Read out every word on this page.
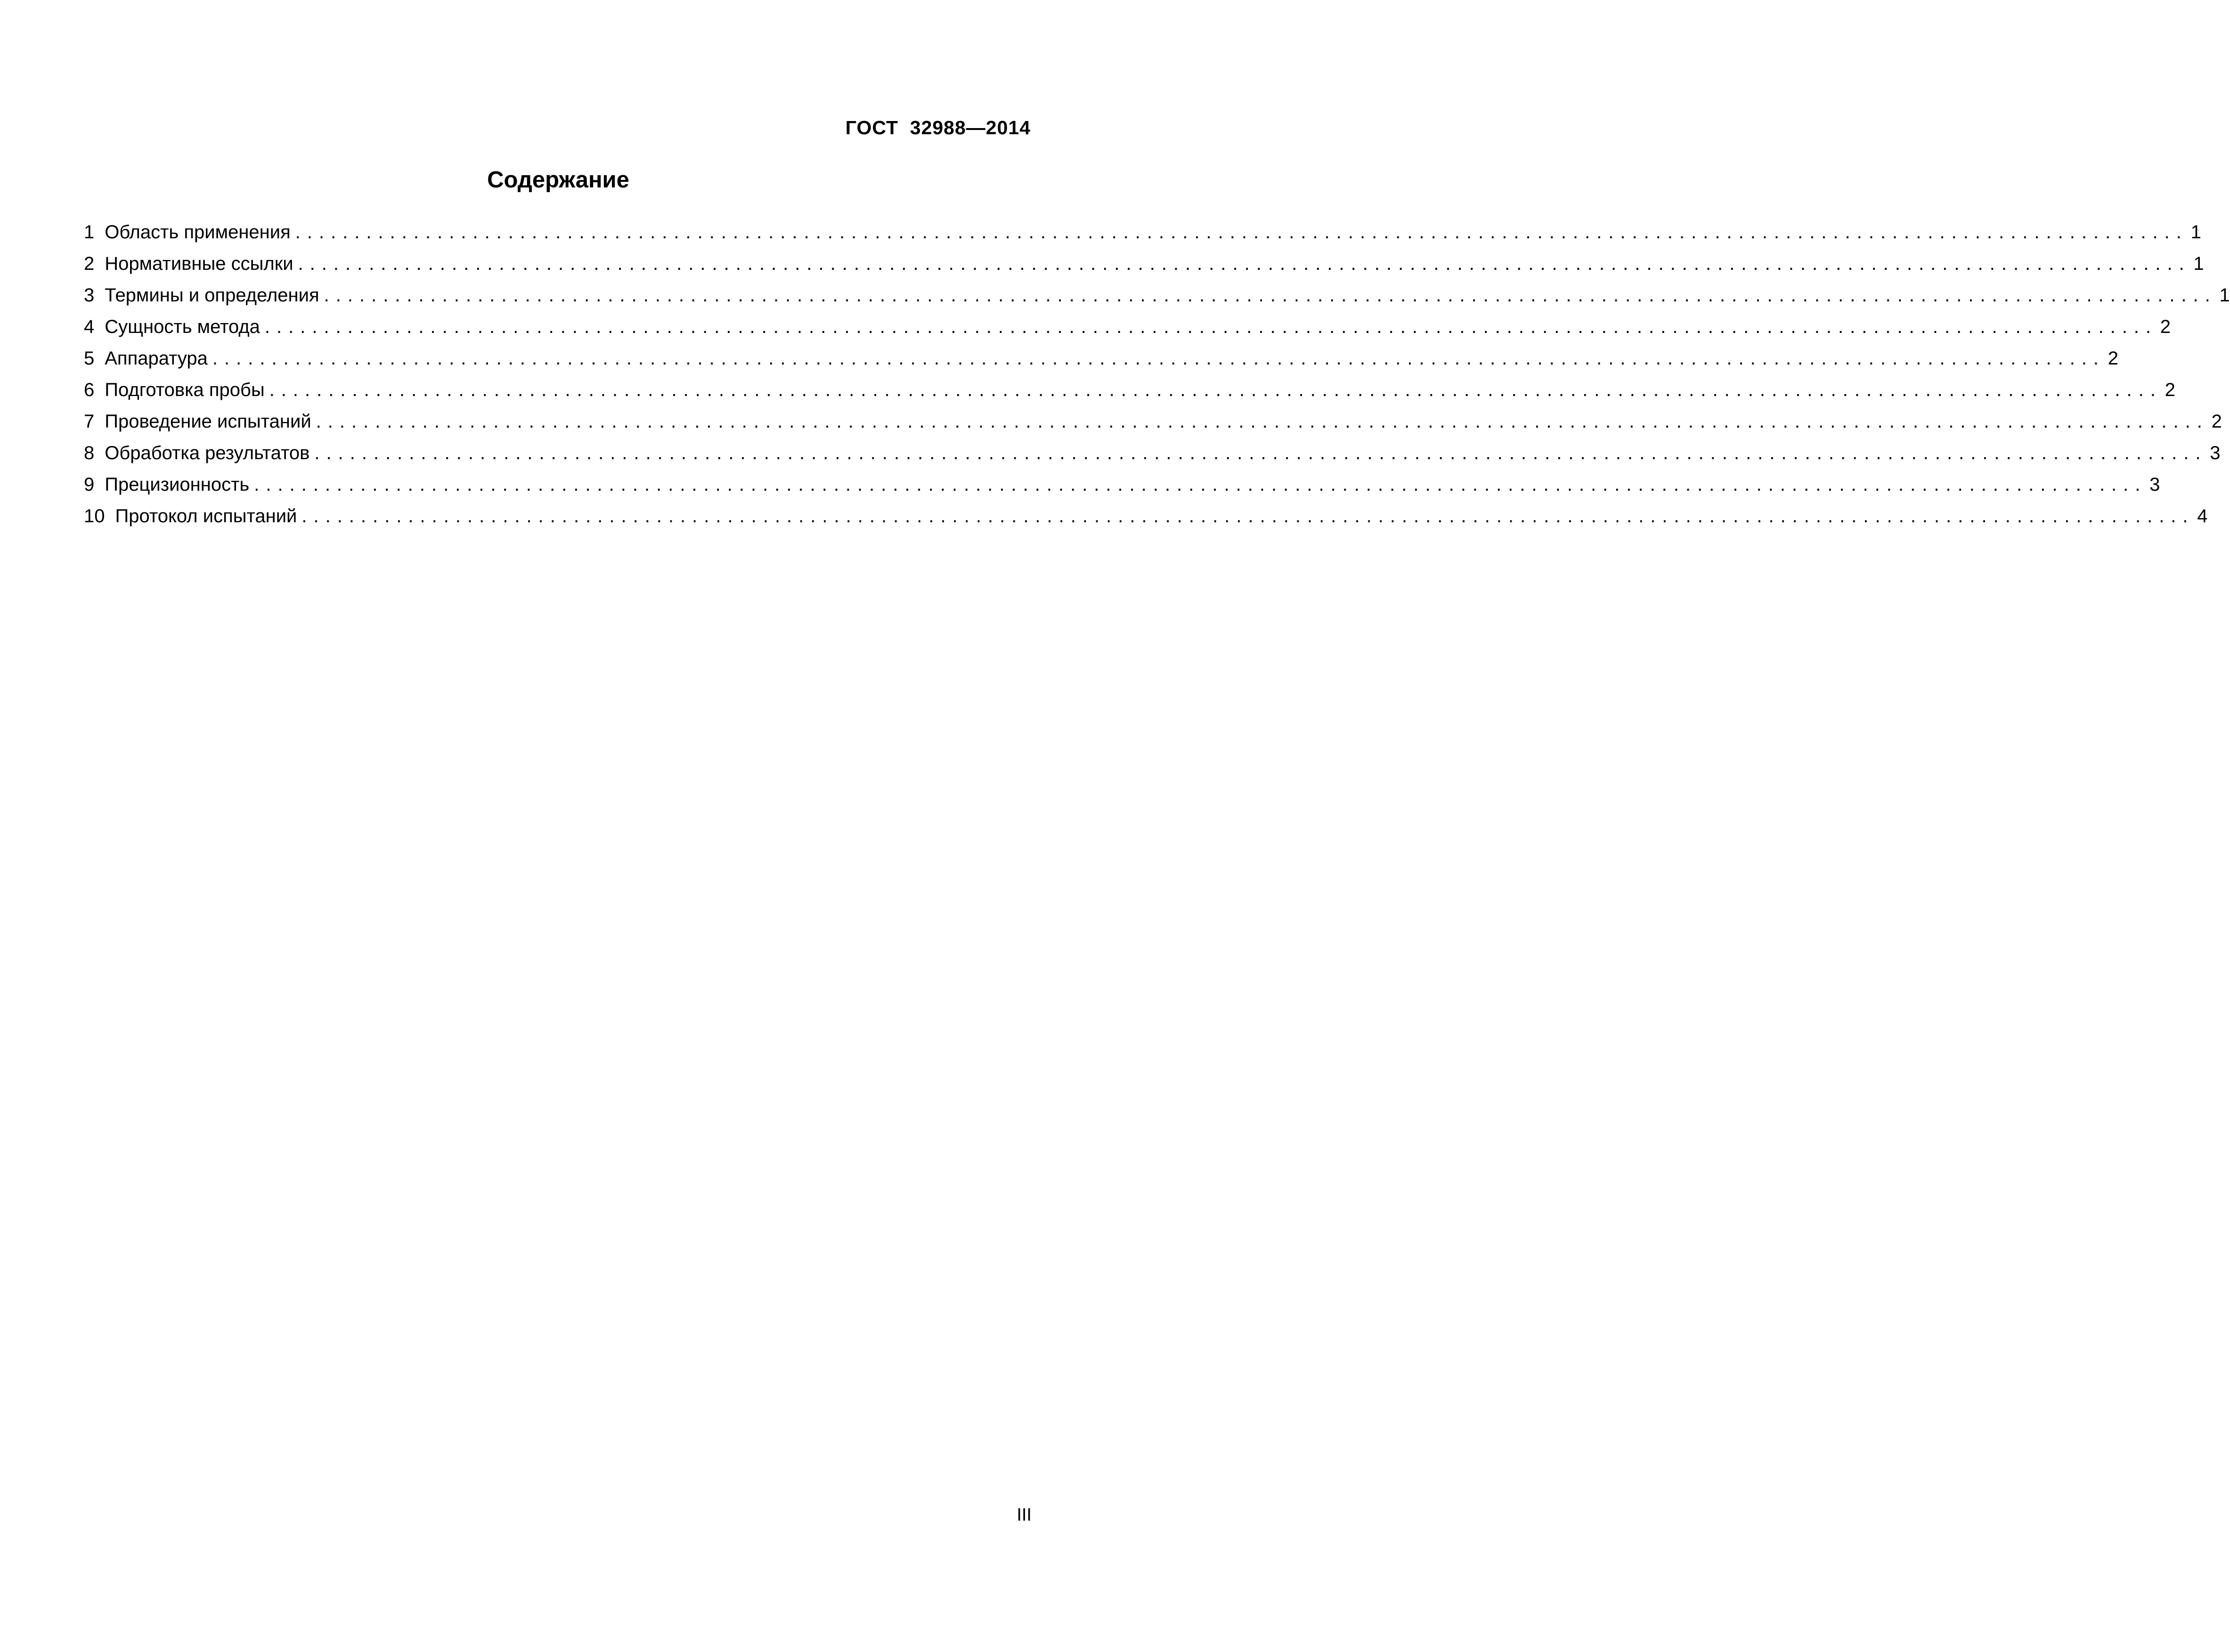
ГОСТ  32988—2014
Содержание
1 Область применения ................................................................................................................................................................ 1
2 Нормативные ссылки ................................................................................................................................................................ 1
3 Термины и определения ................................................................................................................................................................ 1
4 Сущность метода ................................................................................................................................................................ 2
5 Аппаратура ................................................................................................................................................................ 2
6 Подготовка пробы ................................................................................................................................................................ 2
7 Проведение испытаний ................................................................................................................................................................ 2
8 Обработка результатов ................................................................................................................................................................ 3
9 Прецизионность ................................................................................................................................................................ 3
10 Протокол испытаний ................................................................................................................................................................ 4
III
